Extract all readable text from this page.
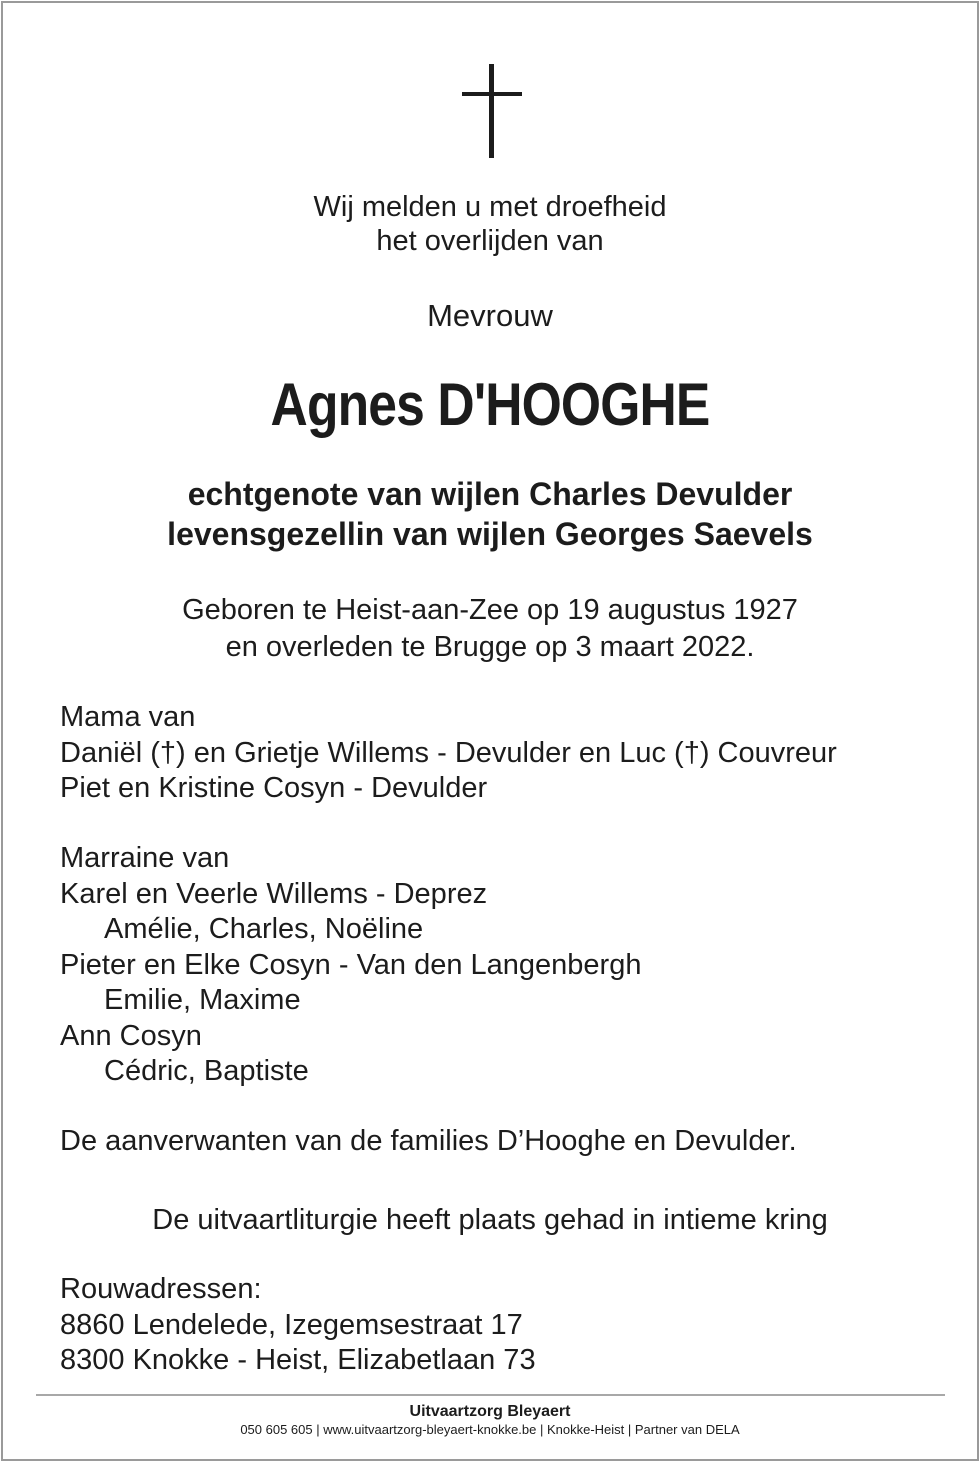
Wij melden u met droefheid
het overlijden van
Mevrouw
Agnes D'HOOGHE
echtgenote van wijlen Charles Devulder
levensgezellin van wijlen Georges Saevels
Geboren te Heist-aan-Zee op 19 augustus 1927
en overleden te Brugge op 3 maart 2022.
Mama van
Daniël (†) en Grietje Willems - Devulder en Luc (†) Couvreur
Piet en Kristine Cosyn - Devulder
Marraine van
Karel en Veerle Willems - Deprez
Amélie, Charles, Noëline
Pieter en Elke Cosyn - Van den Langenbergh
Emilie, Maxime
Ann Cosyn
Cédric, Baptiste
De aanverwanten van de families D’Hooghe en Devulder.
De uitvaartliturgie heeft plaats gehad in intieme kring
Rouwadressen:
8860 Lendelede, Izegemsestraat 17
8300 Knokke - Heist, Elizabetlaan 73
Uitvaartzorg Bleyaert
050 605 605 | www.uitvaartzorg-bleyaert-knokke.be | Knokke-Heist | Partner van DELA
